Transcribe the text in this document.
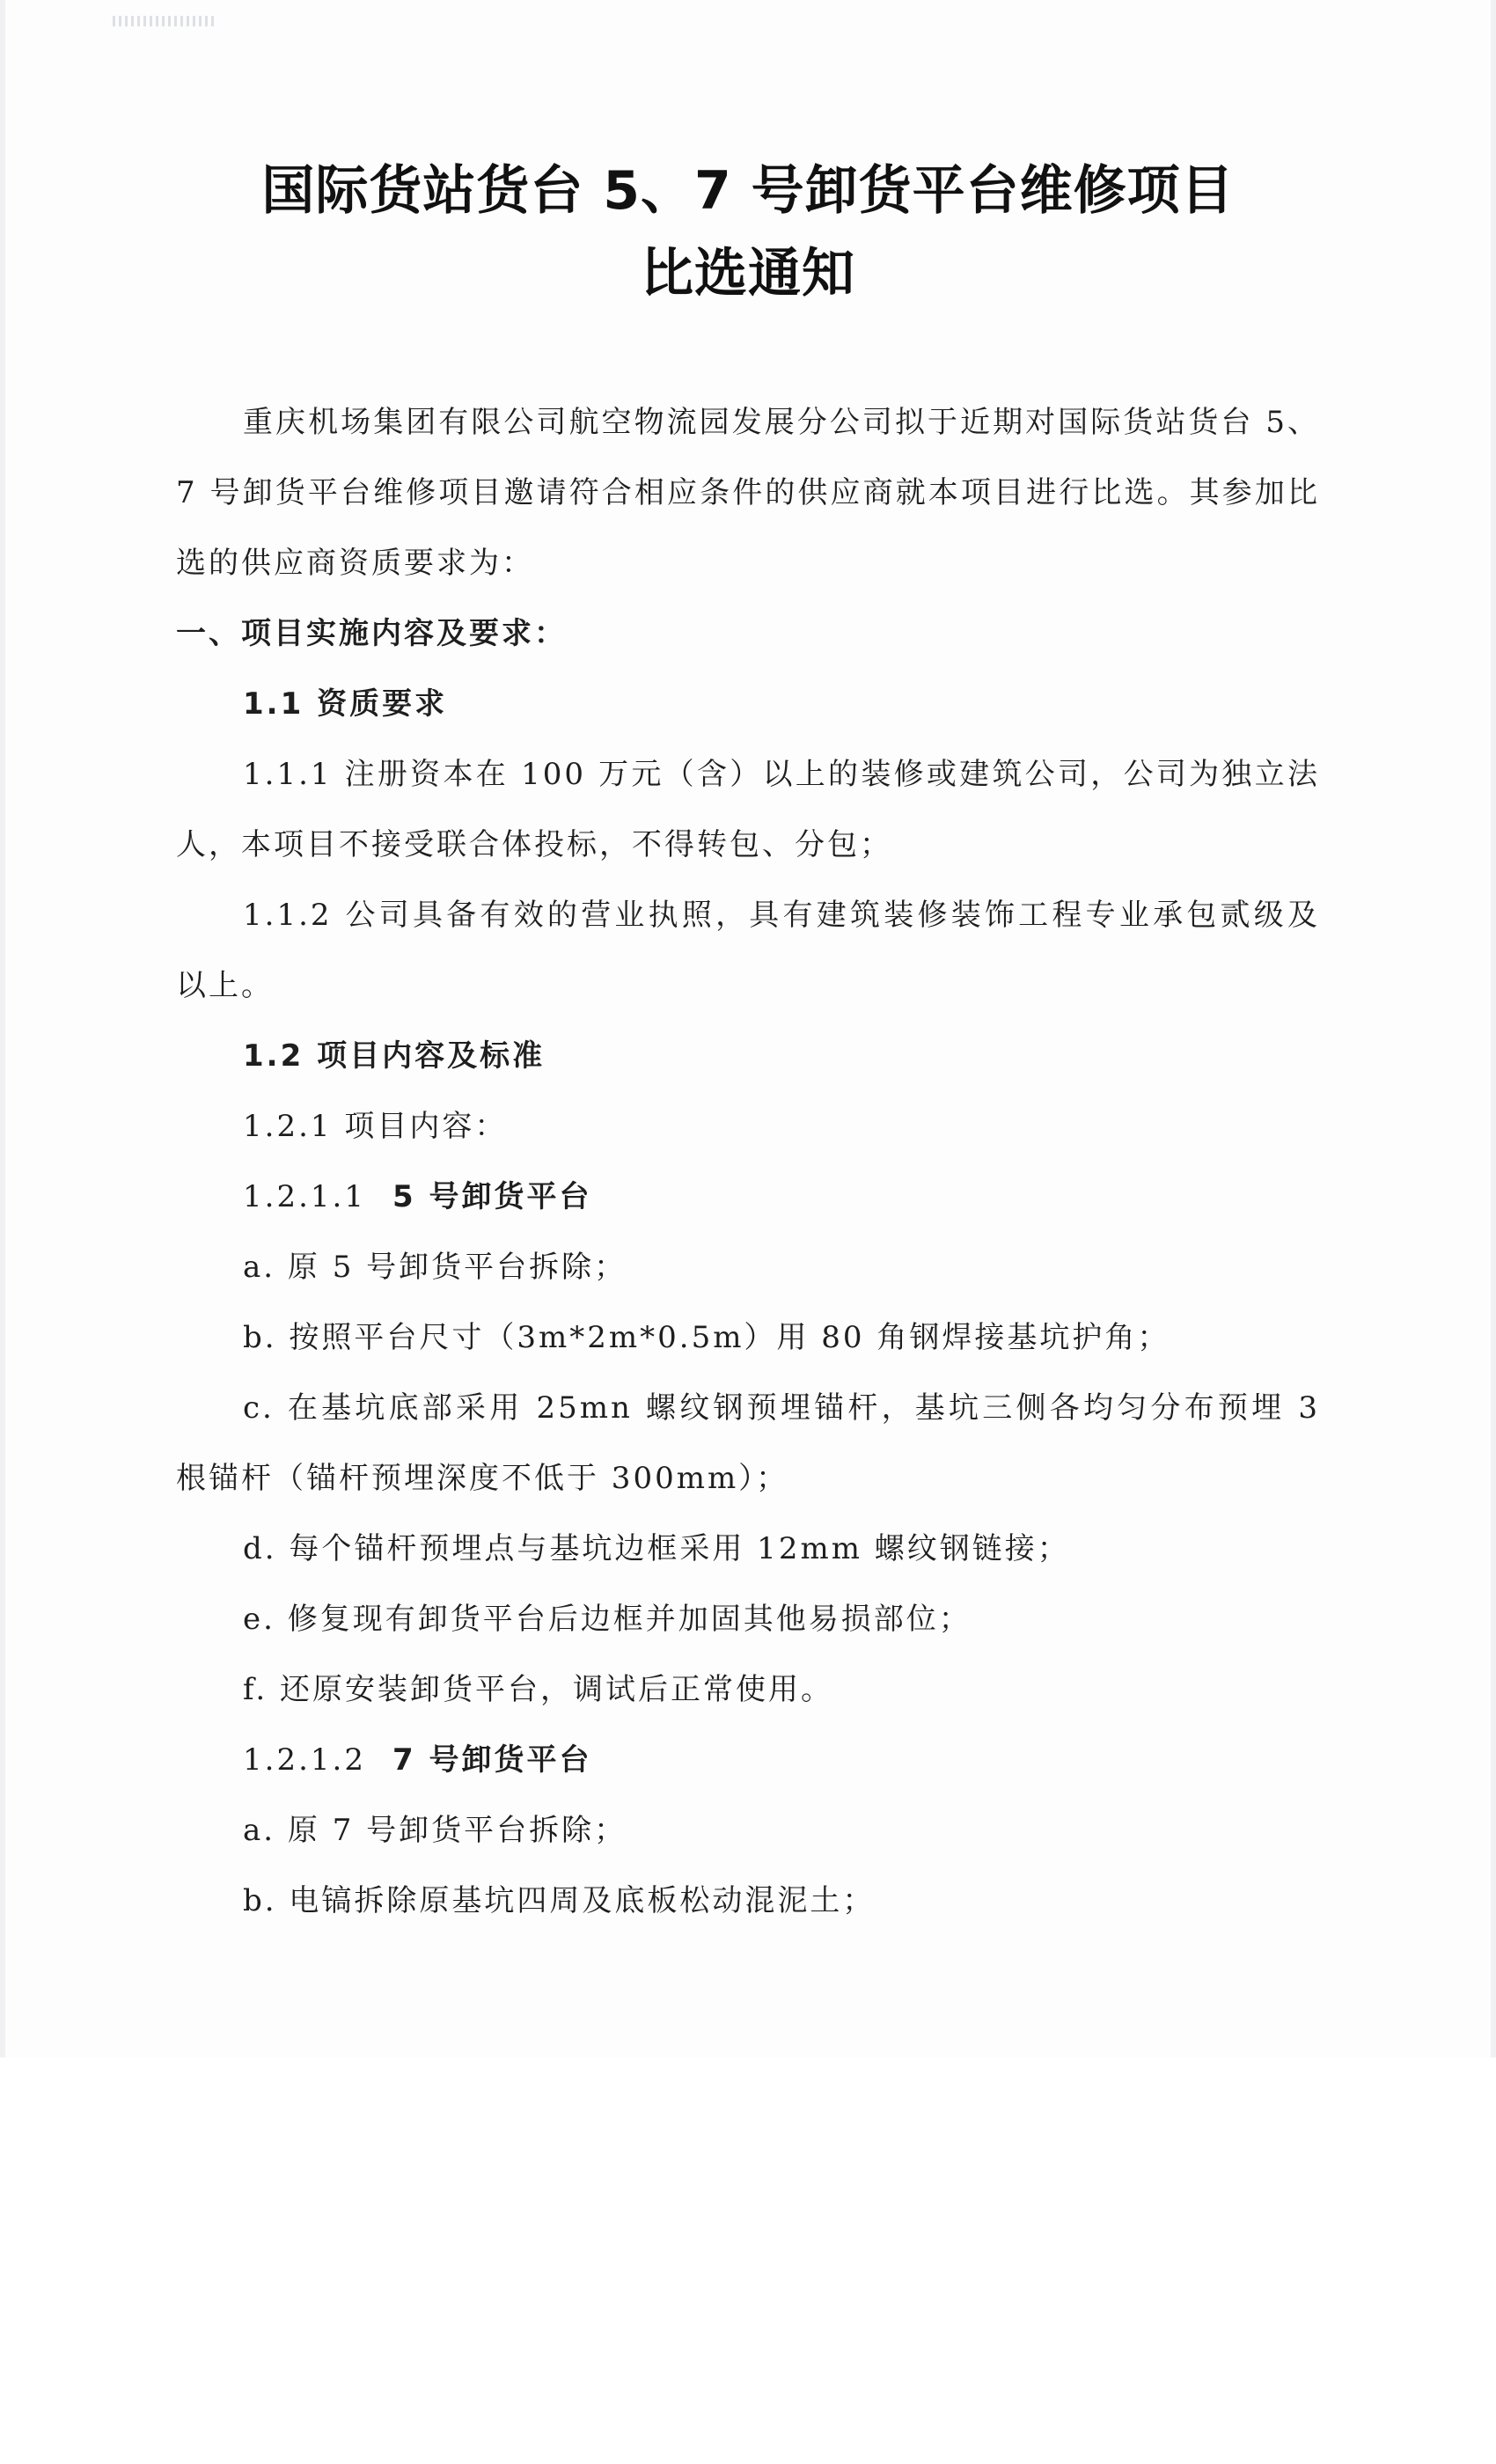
国际货站货台 5、7 号卸货平台维修项目
比选通知

重庆机场集团有限公司航空物流园发展分公司拟于近期对国际货站货台 5、7 号卸货平台维修项目邀请符合相应条件的供应商就本项目进行比选。其参加比选的供应商资质要求为：

一、项目实施内容及要求：

1.1 资质要求

1.1.1 注册资本在 100 万元（含）以上的装修或建筑公司，公司为独立法人，本项目不接受联合体投标，不得转包、分包；

1.1.2 公司具备有效的营业执照，具有建筑装修装饰工程专业承包贰级及以上。

1.2 项目内容及标准

1.2.1 项目内容：

1.2.1.1 5 号卸货平台

a. 原 5 号卸货平台拆除；

b. 按照平台尺寸（3m*2m*0.5m）用 80 角钢焊接基坑护角；

c. 在基坑底部采用 25mn 螺纹钢预埋锚杆，基坑三侧各均匀分布预埋 3 根锚杆（锚杆预埋深度不低于 300mm）；

d. 每个锚杆预埋点与基坑边框采用 12mm 螺纹钢链接；

e. 修复现有卸货平台后边框并加固其他易损部位；

f. 还原安装卸货平台，调试后正常使用。

1.2.1.2 7 号卸货平台

a. 原 7 号卸货平台拆除；

b. 电镐拆除原基坑四周及底板松动混泥土；
